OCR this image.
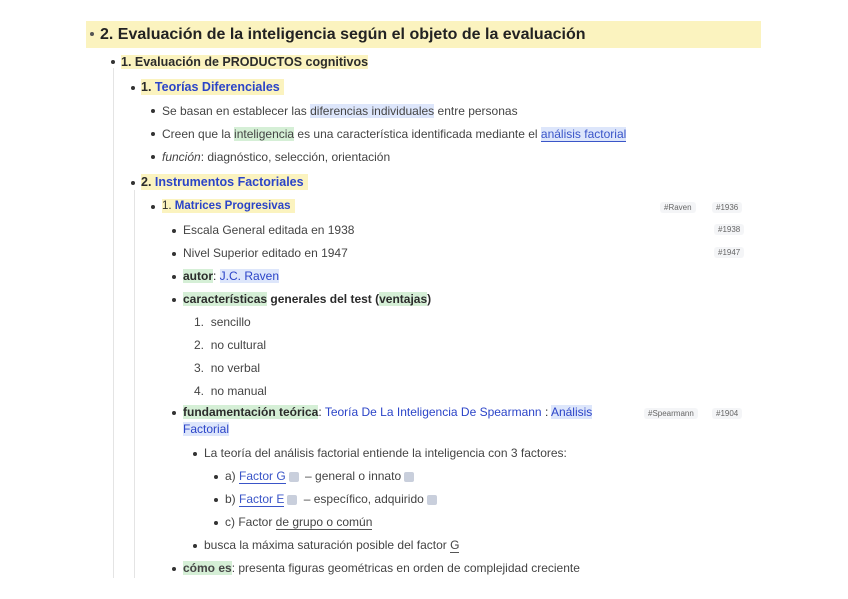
2. Evaluación de la inteligencia según el objeto de la evaluación
1. Evaluación de PRODUCTOS cognitivos
1. Teorías Diferenciales
Se basan en establecer las diferencias individuales entre personas
Creen que la inteligencia es una característica identificada mediante el análisis factorial
función: diagnóstico, selección, orientación
2. Instrumentos Factoriales
1. Matrices Progresivas	#Raven	#1936
Escala General editada en 1938	#1938
Nivel Superior editado en 1947	#1947
autor: J.C. Raven
características generales del test (ventajas)
1. sencillo
2. no cultural
3. no verbal
4. no manual
fundamentación teórica: Teoría De La Inteligencia De Spearmann : Análisis
Factorial
#Spearmann	#1904
La teoría del análisis factorial entiende la inteligencia con 3 factores:
a) Factor G – general o innato
b) Factor E – específico, adquirido
c) Factor de grupo o común
busca la máxima saturación posible del factor G
cómo es: presenta figuras geométricas en orden de complejidad creciente
